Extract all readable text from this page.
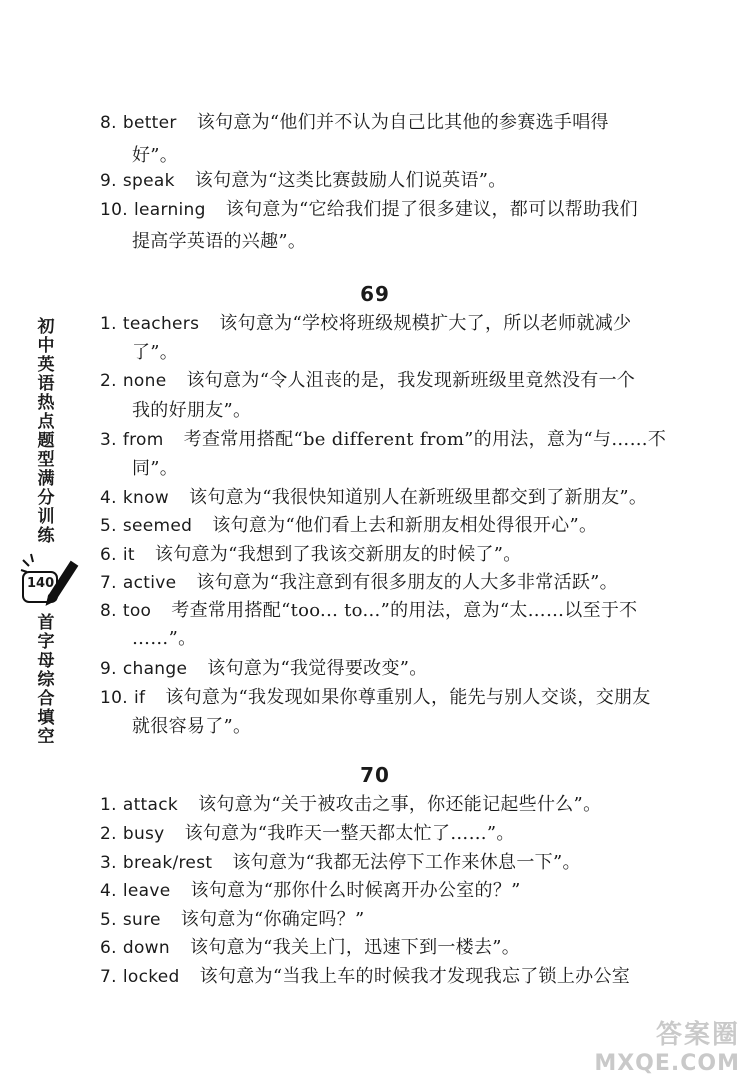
8. better 该句意为“他们并不认为自己比其他的参赛选手唱得
好”。
9. speak 该句意为“这类比赛鼓励人们说英语”。
10. learning 该句意为“它给我们提了很多建议，都可以帮助我们
提高学英语的兴趣”。
69
1. teachers 该句意为“学校将班级规模扩大了，所以老师就减少
了”。
2. none 该句意为“令人沮丧的是，我发现新班级里竟然没有一个
我的好朋友”。
3. from 考查常用搭配“be different from”的用法，意为“与……不
同”。
4. know 该句意为“我很快知道别人在新班级里都交到了新朋友”。
5. seemed 该句意为“他们看上去和新朋友相处得很开心”。
6. it 该句意为“我想到了我该交新朋友的时候了”。
7. active 该句意为“我注意到有很多朋友的人大多非常活跃”。
8. too 考查常用搭配“too... to...”的用法，意为“太……以至于不
……”。
9. change 该句意为“我觉得要改变”。
10. if 该句意为“我发现如果你尊重别人，能先与别人交谈，交朋友
就很容易了”。
70
1. attack 该句意为“关于被攻击之事，你还能记起些什么”。
2. busy 该句意为“我昨天一整天都太忙了……”。
3. break/rest 该句意为“我都无法停下工作来休息一下”。
4. leave 该句意为“那你什么时候离开办公室的？”
5. sure 该句意为“你确定吗？”
6. down 该句意为“我关上门，迅速下到一楼去”。
7. locked 该句意为“当我上车的时候我才发现我忘了锁上办公室
初中英语热点题型满分训练
140
首字母综合填空
答案圈
MXQE.COM
